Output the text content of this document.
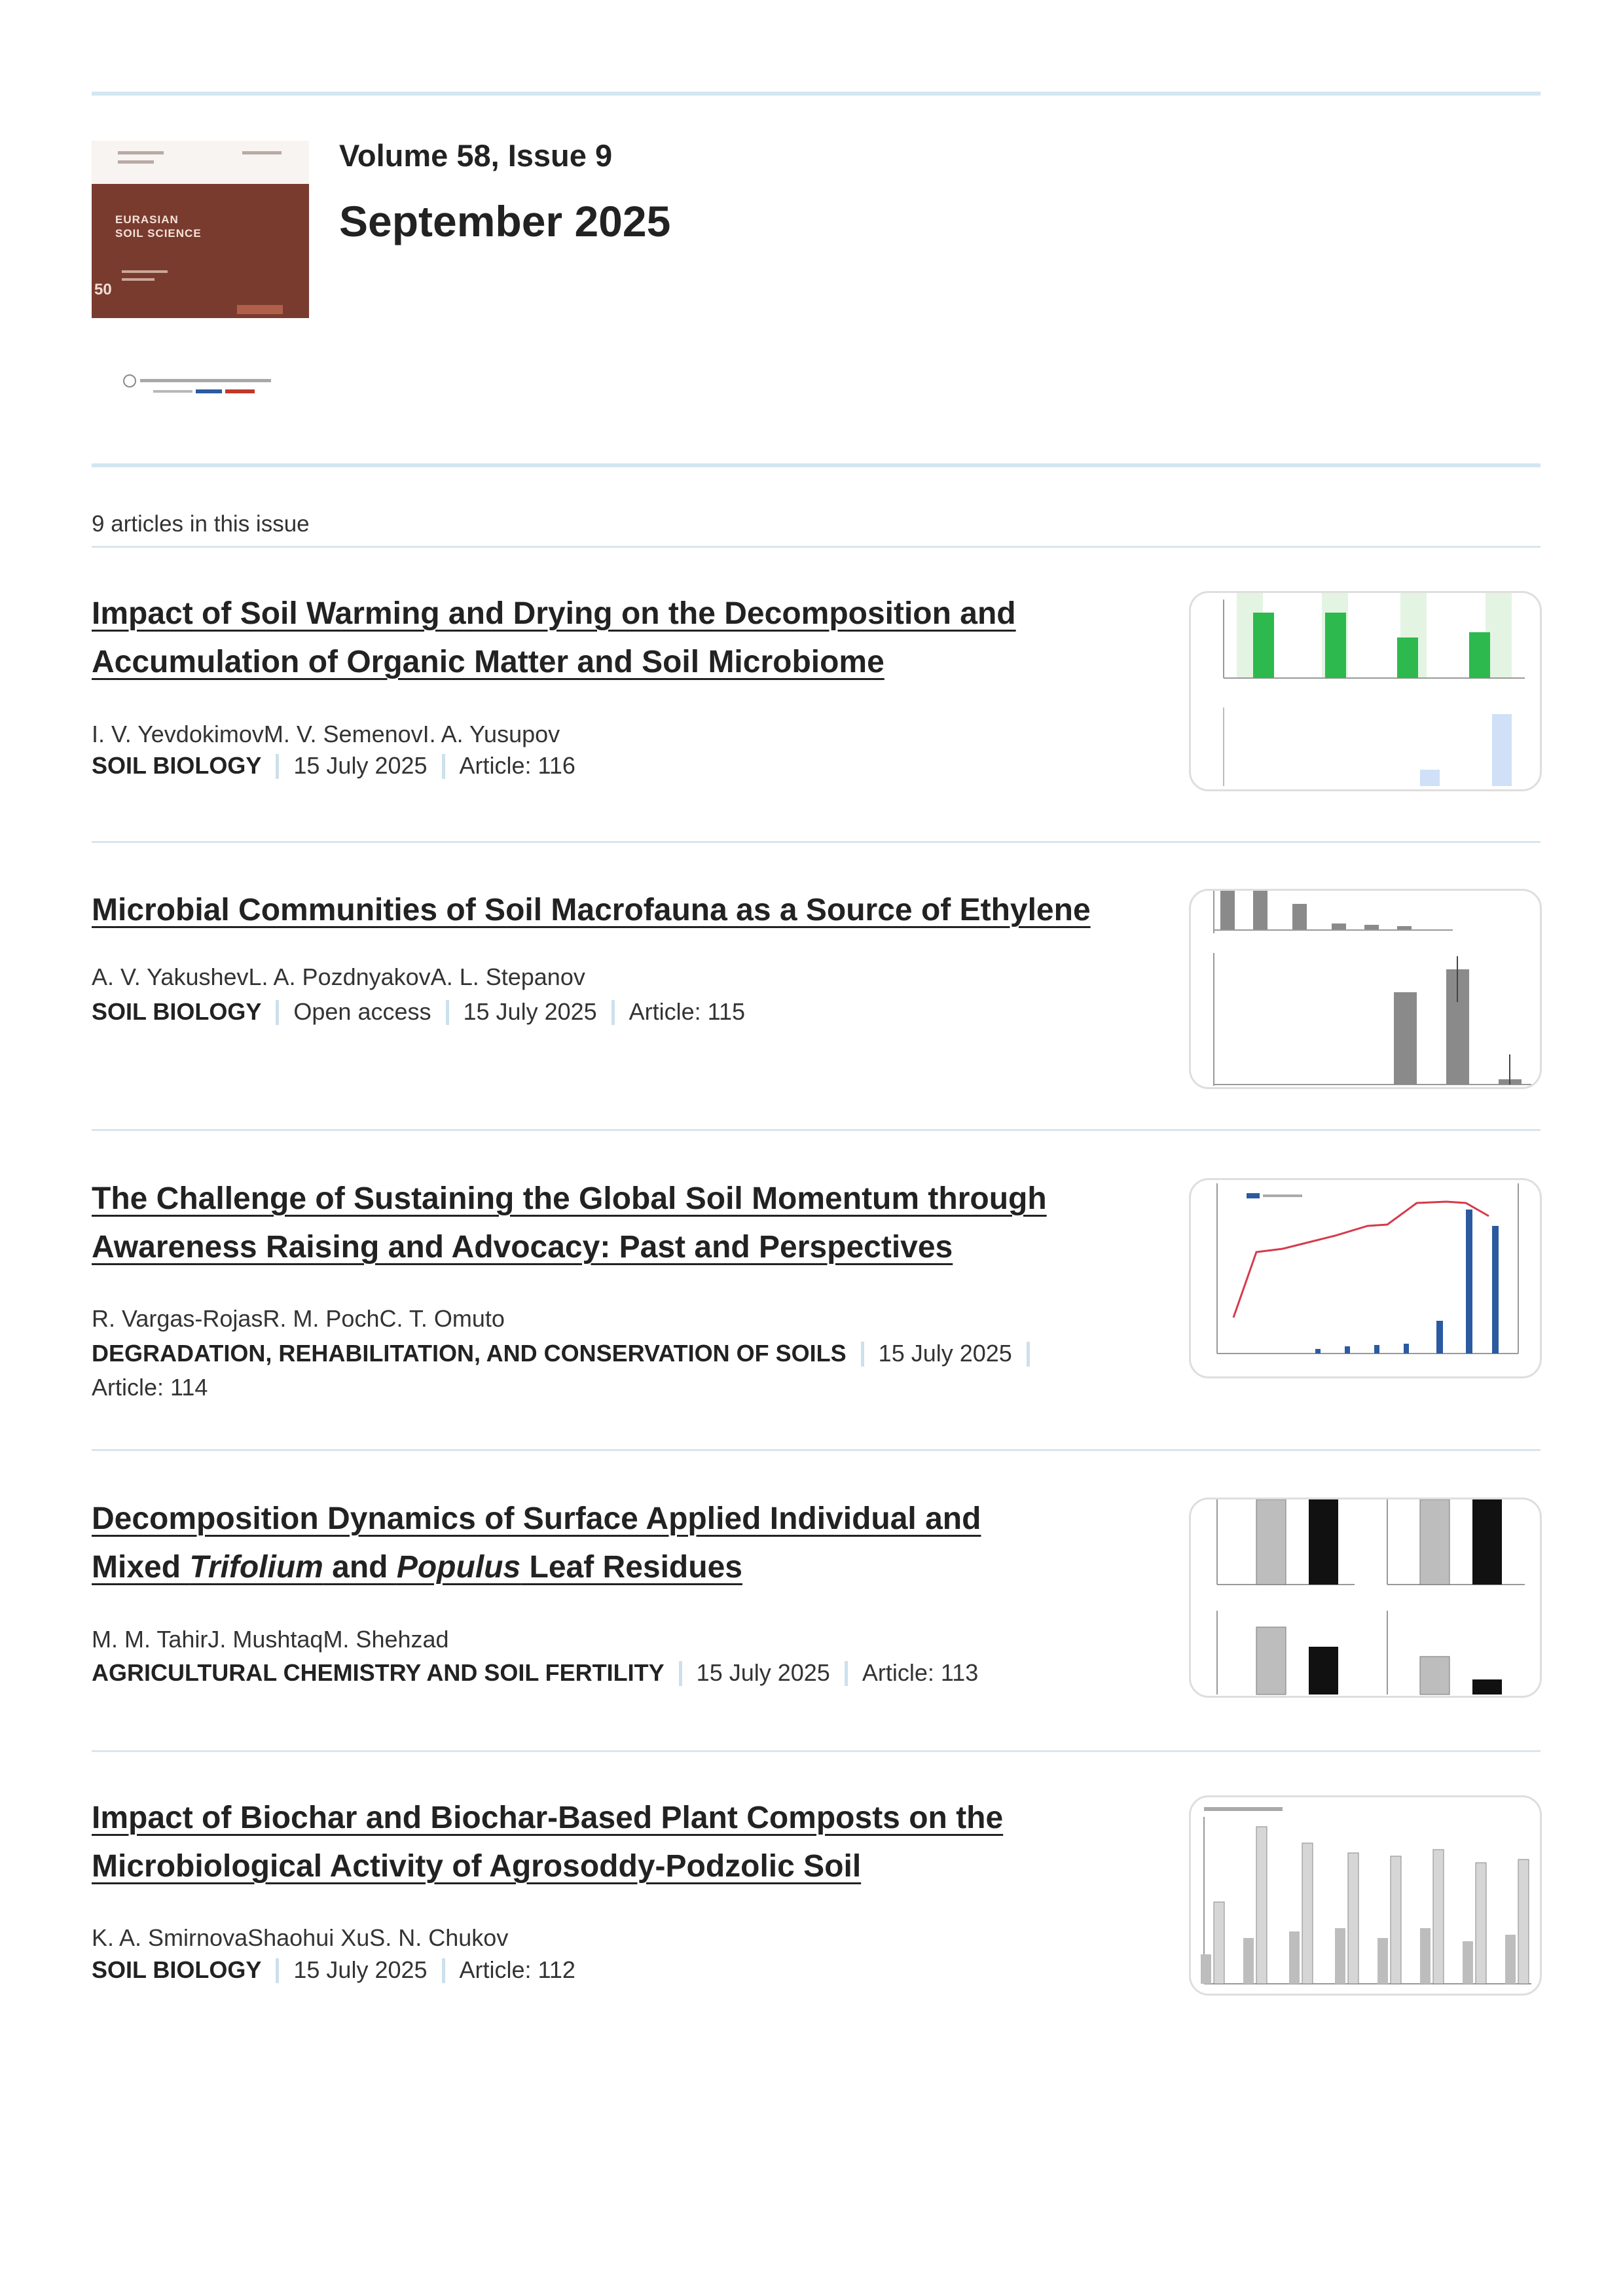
EURASIAN
SOIL SCIENCE
50
Volume 58, Issue 9
September 2025
9 articles in this issue
Impact of Soil Warming and Drying on the Decomposition and
Accumulation of Organic Matter and Soil Microbiome
I. V. YevdokimovM. V. SemenovI. A. Yusupov
SOIL BIOLOGY 15 July 2025 Article: 116
Microbial Communities of Soil Macrofauna as a Source of Ethylene
A. V. YakushevL. A. PozdnyakovA. L. Stepanov
SOIL BIOLOGY Open access 15 July 2025 Article: 115
The Challenge of Sustaining the Global Soil Momentum through
Awareness Raising and Advocacy: Past and Perspectives
R. Vargas-RojasR. M. PochC. T. Omuto
DEGRADATION, REHABILITATION, AND CONSERVATION OF SOILS 15 July 2025
Article: 114
Decomposition Dynamics of Surface Applied Individual and
Mixed Trifolium and Populus Leaf Residues
M. M. TahirJ. MushtaqM. Shehzad
AGRICULTURAL CHEMISTRY AND SOIL FERTILITY 15 July 2025 Article: 113
Impact of Biochar and Biochar-Based Plant Composts on the
Microbiological Activity of Agrosoddy-Podzolic Soil
K. A. SmirnovaShaohui XuS. N. Chukov
SOIL BIOLOGY 15 July 2025 Article: 112
